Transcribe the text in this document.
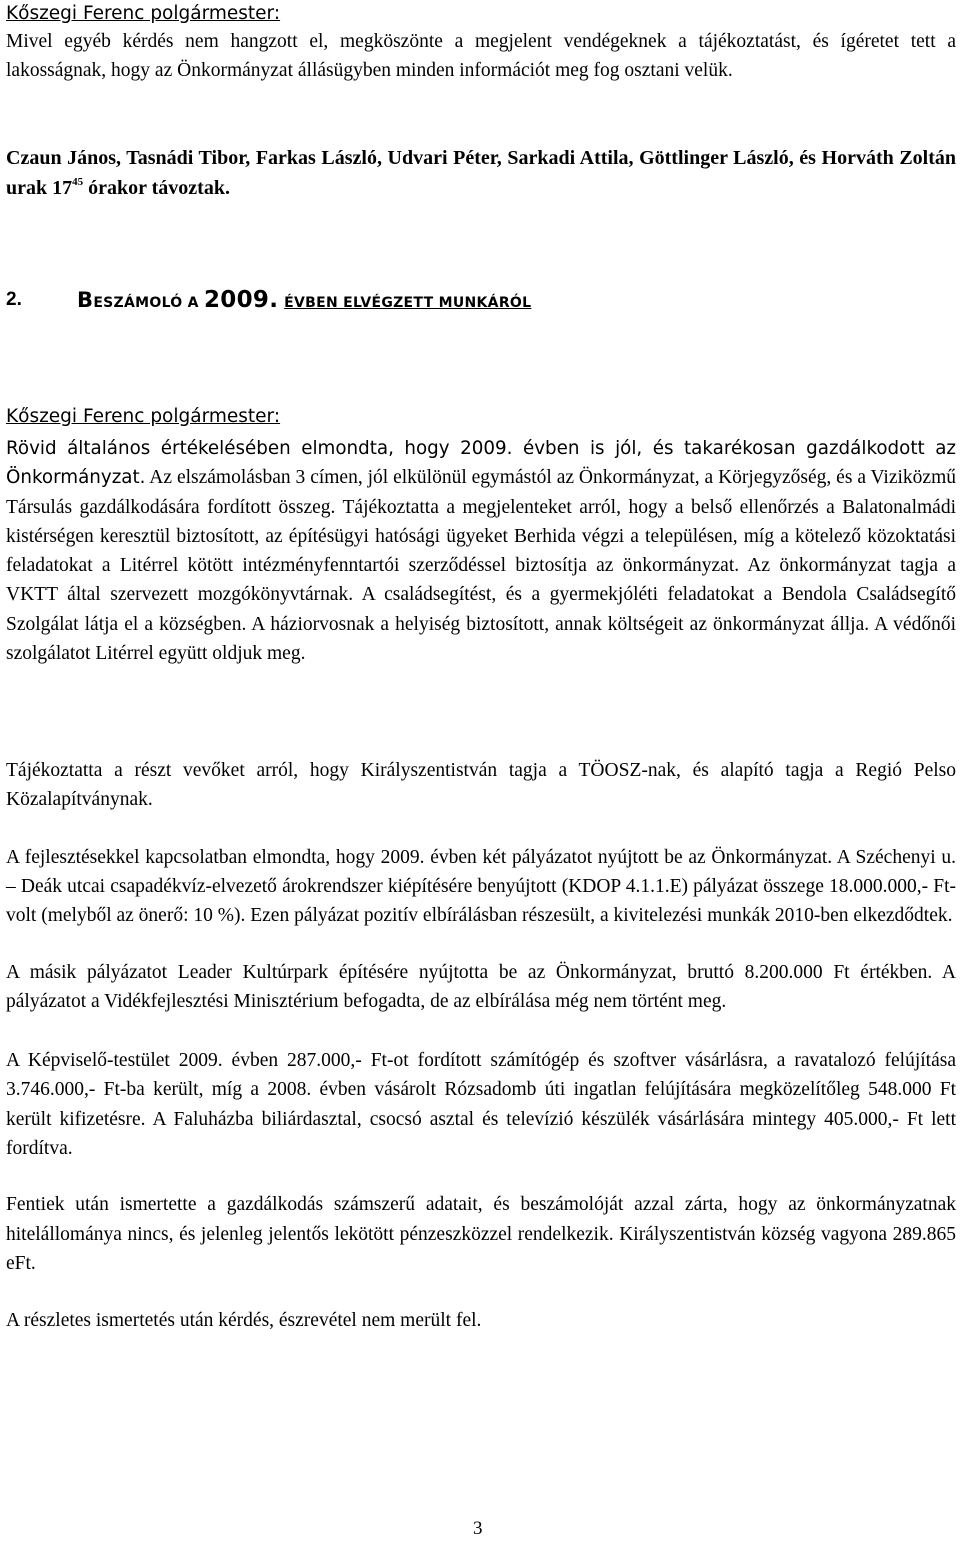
Kőszegi Ferenc polgármester:
Mivel egyéb kérdés nem hangzott el, megköszönte a megjelent vendégeknek a tájékoztatást, és ígéretet tett a lakosságnak, hogy az Önkormányzat állásügyben minden információt meg fog osztani velük.
Czaun János, Tasnádi Tibor, Farkas László, Udvari Péter, Sarkadi Attila, Göttlinger László, és Horváth Zoltán urak $17^{45}$ órakor távoztak.
2.	BESZÁMOLÓ A 2009. ÉVBEN ELVÉGZETT MUNKÁRÓL
Kőszegi Ferenc polgármester:
Rövid általános értékelésében elmondta, hogy 2009. évben is jól, és takarékosan gazdálkodott az Önkormányzat. Az elszámolásban 3 címen, jól elkülönül egymástól az Önkormányzat, a Körjegyzőség, és a Viziközmű Társulás gazdálkodására fordított összeg. Tájékoztatta a megjelenteket arról, hogy a belső ellenőrzés a Balatonalmádi kistérségen keresztül biztosított, az építésügyi hatósági ügyeket Berhida végzi a településen, míg a kötelező közoktatási feladatokat a Litérrel kötött intézményfenntartói szerződéssel biztosítja az önkormányzat. Az önkormányzat tagja a VKTT által szervezett mozgókönyvtárnak. A családsegítést, és a gyermekjóléti feladatokat a Bendola Családsegítő Szolgálat látja el a községben. A háziorvosnak a helyiség biztosított, annak költségeit az önkormányzat állja. A védőnői szolgálatot Litérrel együtt oldjuk meg.
Tájékoztatta a részt vevőket arról, hogy Királyszentistván tagja a TÖOSZ-nak, és alapító tagja a Regió Pelso Közalapítványnak.
A fejlesztésekkel kapcsolatban elmondta, hogy 2009. évben két pályázatot nyújtott be az Önkormányzat. A Széchenyi u. – Deák utcai csapadékvíz-elvezető árokrendszer kiépítésére benyújtott (KDOP 4.1.1.E) pályázat összege 18.000.000,- Ft-volt (melyből az önerő: 10 %). Ezen pályázat pozitív elbírálásban részesült, a kivitelezési munkák 2010-ben elkezdődtek.
A másik pályázatot Leader Kultúrpark építésére nyújtotta be az Önkormányzat, bruttó 8.200.000 Ft értékben. A pályázatot a Vidékfejlesztési Minisztérium befogadta, de az elbírálása még nem történt meg.
A Képviselő-testület 2009. évben 287.000,- Ft-ot fordított számítógép és szoftver vásárlásra, a ravatalozó felújítása 3.746.000,- Ft-ba került, míg a 2008. évben vásárolt Rózsadomb úti ingatlan felújítására megközelítőleg 548.000 Ft került kifizetésre. A Faluházba biliárdasztal, csocsó asztal és televízió készülék vásárlására mintegy 405.000,- Ft lett fordítva.
3
Fentiek után ismertette a gazdálkodás számszerű adatait, és beszámolóját azzal zárta, hogy az önkormányzatnak hitelállománya nincs, és jelenleg jelentős lekötött pénzeszközzel rendelkezik. Királyszentistván község vagyona 289.865 eFt.
A részletes ismertetés után kérdés, észrevétel nem merült fel.
